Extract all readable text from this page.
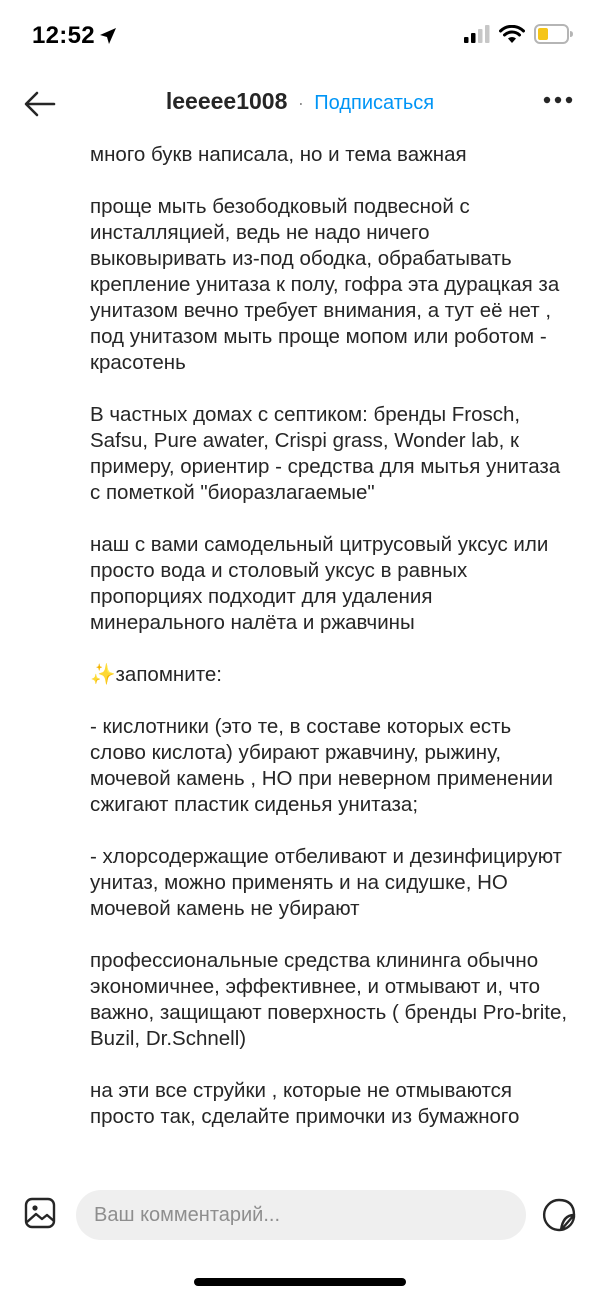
12:52
leeeee1008 · Подписаться

много букв написала, но и тема важная

проще мыть безободковый подвесной с инсталляцией, ведь не надо ничего выковыривать из-под ободка, обрабатывать крепление унитаза к полу, гофра эта дурацкая за унитазом вечно требует внимания, а тут её нет , под унитазом мыть проще мопом или роботом - красотень

В частных домах с септиком: бренды Frosch, Safsu, Pure awater, Crispi grass, Wonder lab, к примеру, ориентир - средства для мытья унитаза с пометкой "биоразлагаемые"

наш с вами самодельный цитрусовый уксус или просто вода и столовый уксус в равных пропорциях подходит для удаления минерального налёта и ржавчины

✨запомните:

- кислотники (это те, в составе которых есть слово кислота) убирают ржавчину, рыжину, мочевой камень , НО при неверном применении сжигают пластик сиденья унитаза;

- хлорсодержащие отбеливают и дезинфицируют унитаз, можно применять и на сидушке, НО мочевой камень не убирают

профессиональные средства клининга обычно экономичнее, эффективнее, и отмывают и, что важно, защищают поверхность ( бренды Pro-brite, Buzil, Dr.Schnell)

на эти все струйки , которые не отмываются просто так, сделайте примочки из бумажного

Ваш комментарий...
